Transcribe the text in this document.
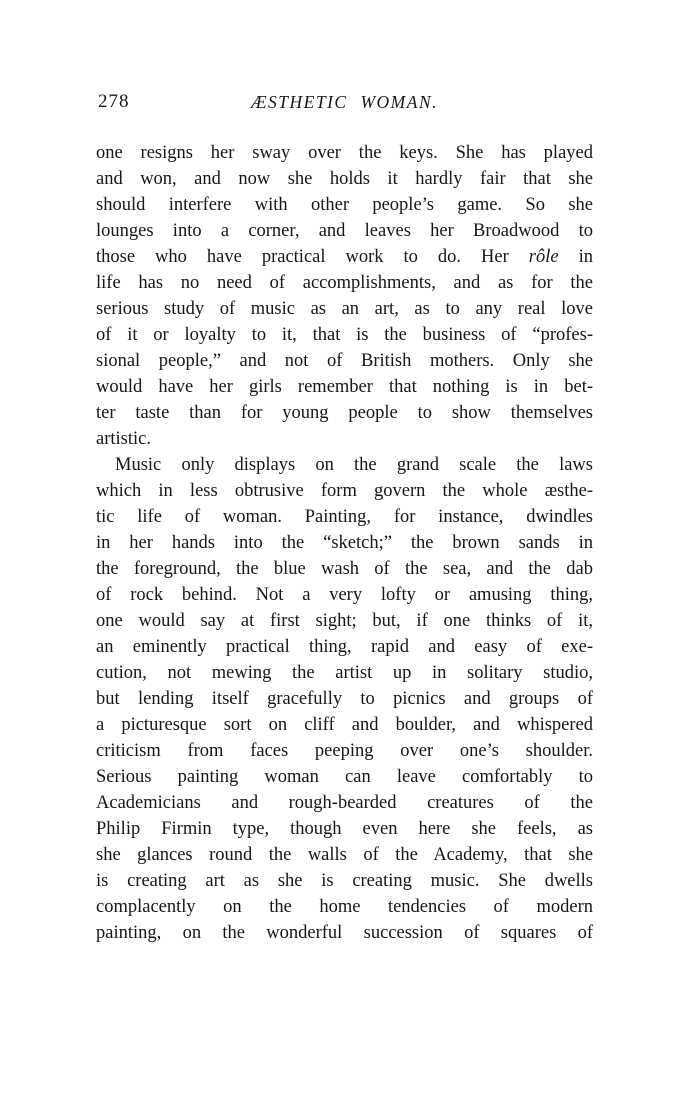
278	ÆSTHETIC WOMAN.
one resigns her sway over the keys. She has played
and won, and now she holds it hardly fair that she
should interfere with other people’s game. So she
lounges into a corner, and leaves her Broadwood to
those who have practical work to do. Her rôle in
life has no need of accomplishments, and as for the
serious study of music as an art, as to any real love
of it or loyalty to it, that is the business of “profes-
sional people,” and not of British mothers. Only she
would have her girls remember that nothing is in bet-
ter taste than for young people to show themselves
artistic.
Music only displays on the grand scale the laws
which in less obtrusive form govern the whole æsthe-
tic life of woman. Painting, for instance, dwindles
in her hands into the “sketch;” the brown sands in
the foreground, the blue wash of the sea, and the dab
of rock behind. Not a very lofty or amusing thing,
one would say at first sight; but, if one thinks of it,
an eminently practical thing, rapid and easy of exe-
cution, not mewing the artist up in solitary studio,
but lending itself gracefully to picnics and groups of
a picturesque sort on cliff and boulder, and whispered
criticism from faces peeping over one’s shoulder.
Serious painting woman can leave comfortably to
Academicians and rough-bearded creatures of the
Philip Firmin type, though even here she feels, as
she glances round the walls of the Academy, that she
is creating art as she is creating music. She dwells
complacently on the home tendencies of modern
painting, on the wonderful succession of squares of
